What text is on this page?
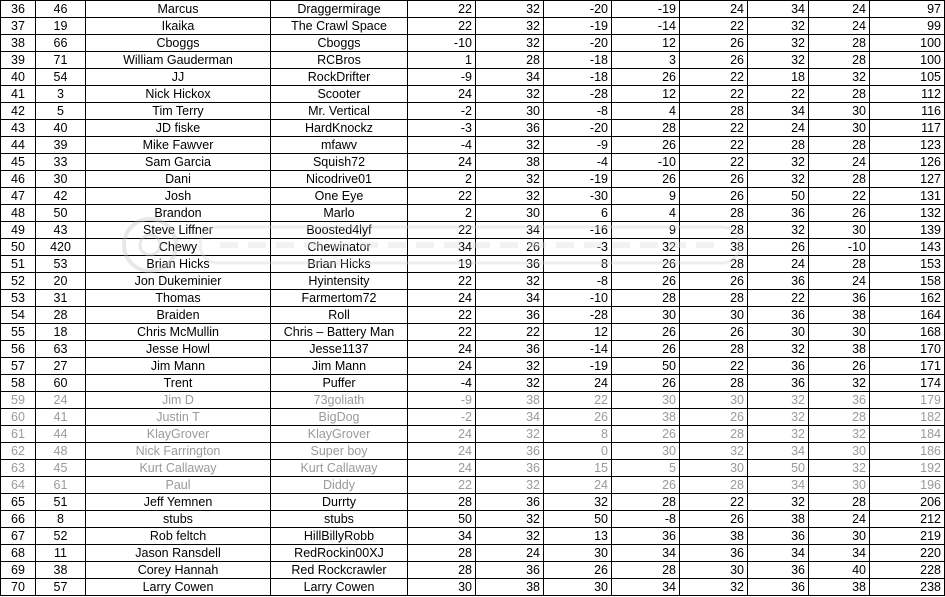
36	46	Marcus	Draggermirage	22	32	-20	-19	24	34	24	97
37	19	Ikaika	The Crawl Space	22	32	-19	-14	22	32	24	99
38	66	Cboggs	Cboggs	-10	32	-20	12	26	32	28	100
39	71	William Gauderman	RCBros	1	28	-18	3	26	32	28	100
40	54	JJ	RockDrifter	-9	34	-18	26	22	18	32	105
41	3	Nick Hickox	Scooter	24	32	-28	12	22	22	28	112
42	5	Tim Terry	Mr. Vertical	-2	30	-8	4	28	34	30	116
43	40	JD fiske	HardKnockz	-3	36	-20	28	22	24	30	117
44	39	Mike Fawver	mfawv	-4	32	-9	26	22	28	28	123
45	33	Sam Garcia	Squish72	24	38	-4	-10	22	32	24	126
46	30	Dani	Nicodrive01	2	32	-19	26	26	32	28	127
47	42	Josh	One Eye	22	32	-30	9	26	50	22	131
48	50	Brandon	Marlo	2	30	6	4	28	36	26	132
49	43	Steve Liffner	Boosted4lyf	22	34	-16	9	28	32	30	139
50	420	Chewy	Chewinator	34	26	-3	32	38	26	-10	143
51	53	Brian Hicks	Brian Hicks	19	36	8	26	28	24	28	153
52	20	Jon Dukeminier	Hyintensity	22	32	-8	26	26	36	24	158
53	31	Thomas	Farmertom72	24	34	-10	28	28	22	36	162
54	28	Braiden	Roll	22	36	-28	30	30	36	38	164
55	18	Chris McMullin	Chris – Battery Man	22	22	12	26	26	30	30	168
56	63	Jesse Howl	Jesse1137	24	36	-14	26	28	32	38	170
57	27	Jim Mann	Jim Mann	24	32	-19	50	22	36	26	171
58	60	Trent	Puffer	-4	32	24	26	28	36	32	174
59	24	Jim D	73goliath	-9	38	22	30	30	32	36	179
60	41	Justin T	BigDog	-2	34	26	38	26	32	28	182
61	44	KlayGrover	KlayGrover	24	32	8	26	28	32	32	184
62	48	Nick Farrington	Super boy	24	36	0	30	32	34	30	186
63	45	Kurt Callaway	Kurt Callaway	24	36	15	5	30	50	32	192
64	61	Paul	Diddy	22	32	24	26	28	34	30	196
65	51	Jeff Yemnen	Durrty	28	36	32	28	22	32	28	206
66	8	stubs	stubs	50	32	50	-8	26	38	24	212
67	52	Rob feltch	HillBillyRobb	34	32	13	36	38	36	30	219
68	11	Jason Ransdell	RedRockin00XJ	28	24	30	34	36	34	34	220
69	38	Corey Hannah	Red Rockcrawler	28	36	26	28	30	36	40	228
70	57	Larry Cowen	Larry Cowen	30	38	30	34	32	36	38	238
